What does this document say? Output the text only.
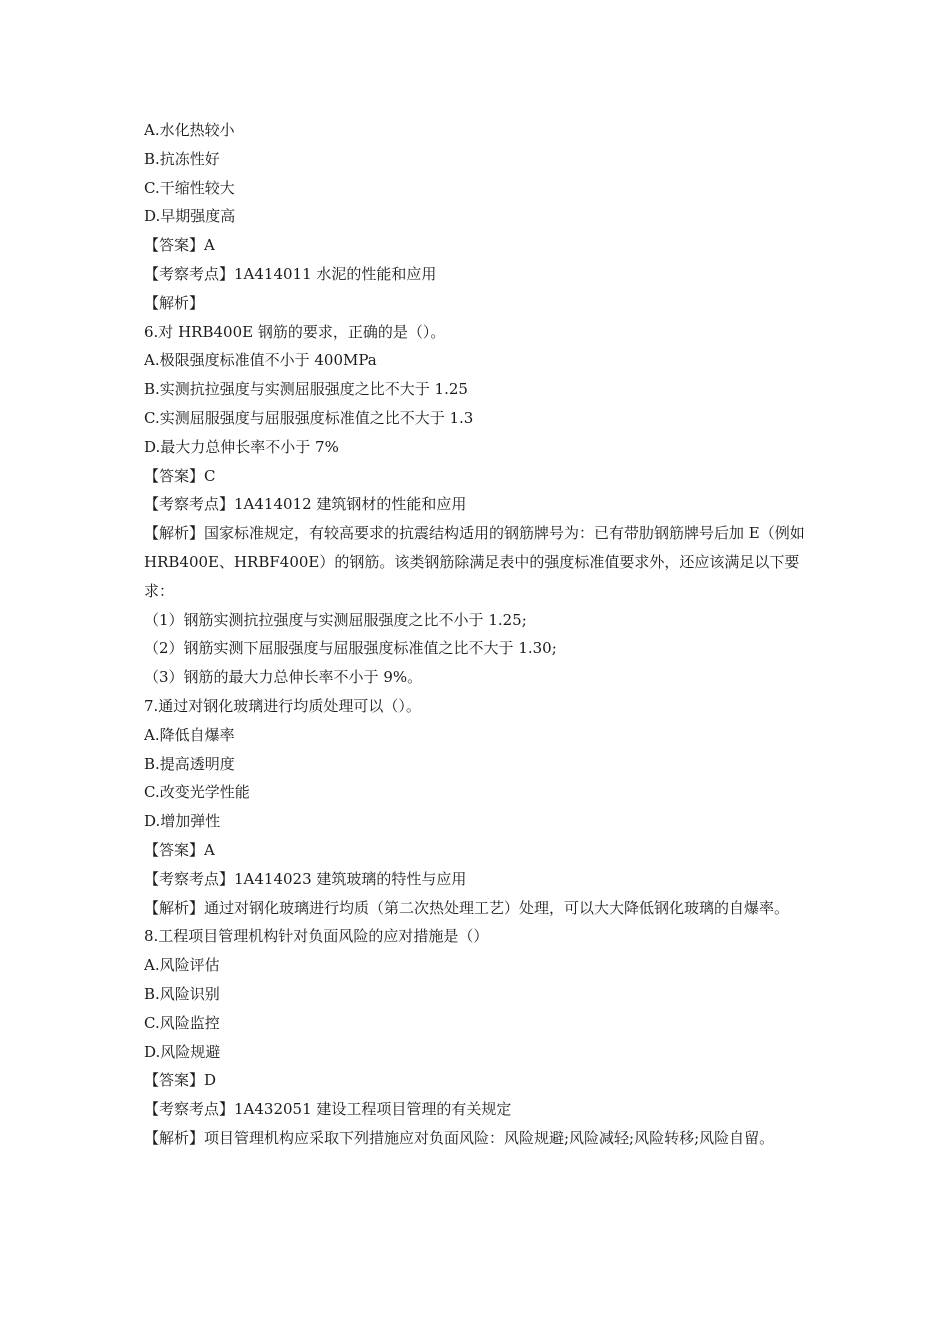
A.水化热较小
B.抗冻性好
C.干缩性较大
D.早期强度高
【答案】A
【考察考点】1A414011 水泥的性能和应用
【解析】
6.对 HRB400E 钢筋的要求，正确的是（）。
A.极限强度标准值不小于 400MPa
B.实测抗拉强度与实测屈服强度之比不大于 1.25
C.实测屈服强度与屈服强度标准值之比不大于 1.3
D.最大力总伸长率不小于 7%
【答案】C
【考察考点】1A414012 建筑钢材的性能和应用
【解析】国家标准规定，有较高要求的抗震结构适用的钢筋牌号为：已有带肋钢筋牌号后加 E（例如 HRB400E、HRBF400E）的钢筋。该类钢筋除满足表中的强度标准值要求外，还应该满足以下要求：
（1）钢筋实测抗拉强度与实测屈服强度之比不小于 1.25;
（2）钢筋实测下屈服强度与屈服强度标准值之比不大于 1.30;
（3）钢筋的最大力总伸长率不小于 9%。
7.通过对钢化玻璃进行均质处理可以（）。
A.降低自爆率
B.提高透明度
C.改变光学性能
D.增加弹性
【答案】A
【考察考点】1A414023 建筑玻璃的特性与应用
【解析】通过对钢化玻璃进行均质（第二次热处理工艺）处理，可以大大降低钢化玻璃的自爆率。
8.工程项目管理机构针对负面风险的应对措施是（）
A.风险评估
B.风险识别
C.风险监控
D.风险规避
【答案】D
【考察考点】1A432051 建设工程项目管理的有关规定
【解析】项目管理机构应采取下列措施应对负面风险：风险规避;风险减轻;风险转移;风险自留。
